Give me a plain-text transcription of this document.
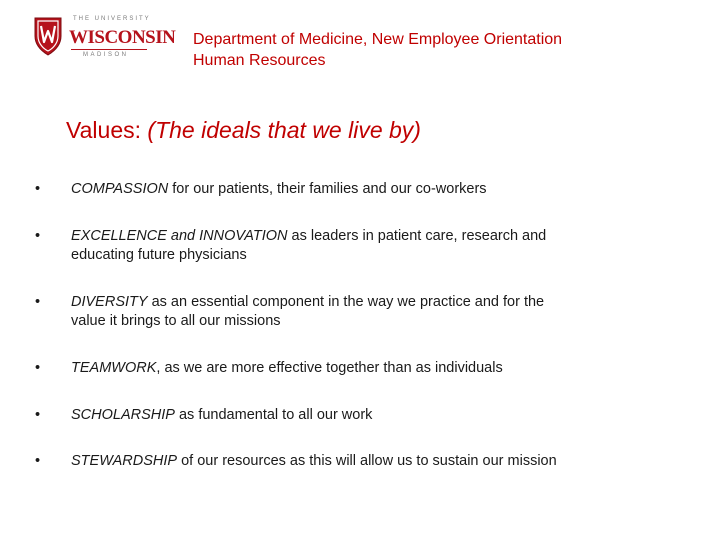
THE UNIVERSITY
WISCONSIN
MADISON
Department of Medicine, New Employee Orientation
Human Resources
Values: (The ideals that we live by)
•	COMPASSION for our patients, their families and our co-workers
•	EXCELLENCE and INNOVATION as leaders in patient care, research and educating future physicians
•	DIVERSITY as an essential component in the way we practice and for the value it brings to all our missions
•	TEAMWORK, as we are more effective together than as individuals
•	SCHOLARSHIP as fundamental to all our work
•	STEWARDSHIP of our resources as this will allow us to sustain our mission
